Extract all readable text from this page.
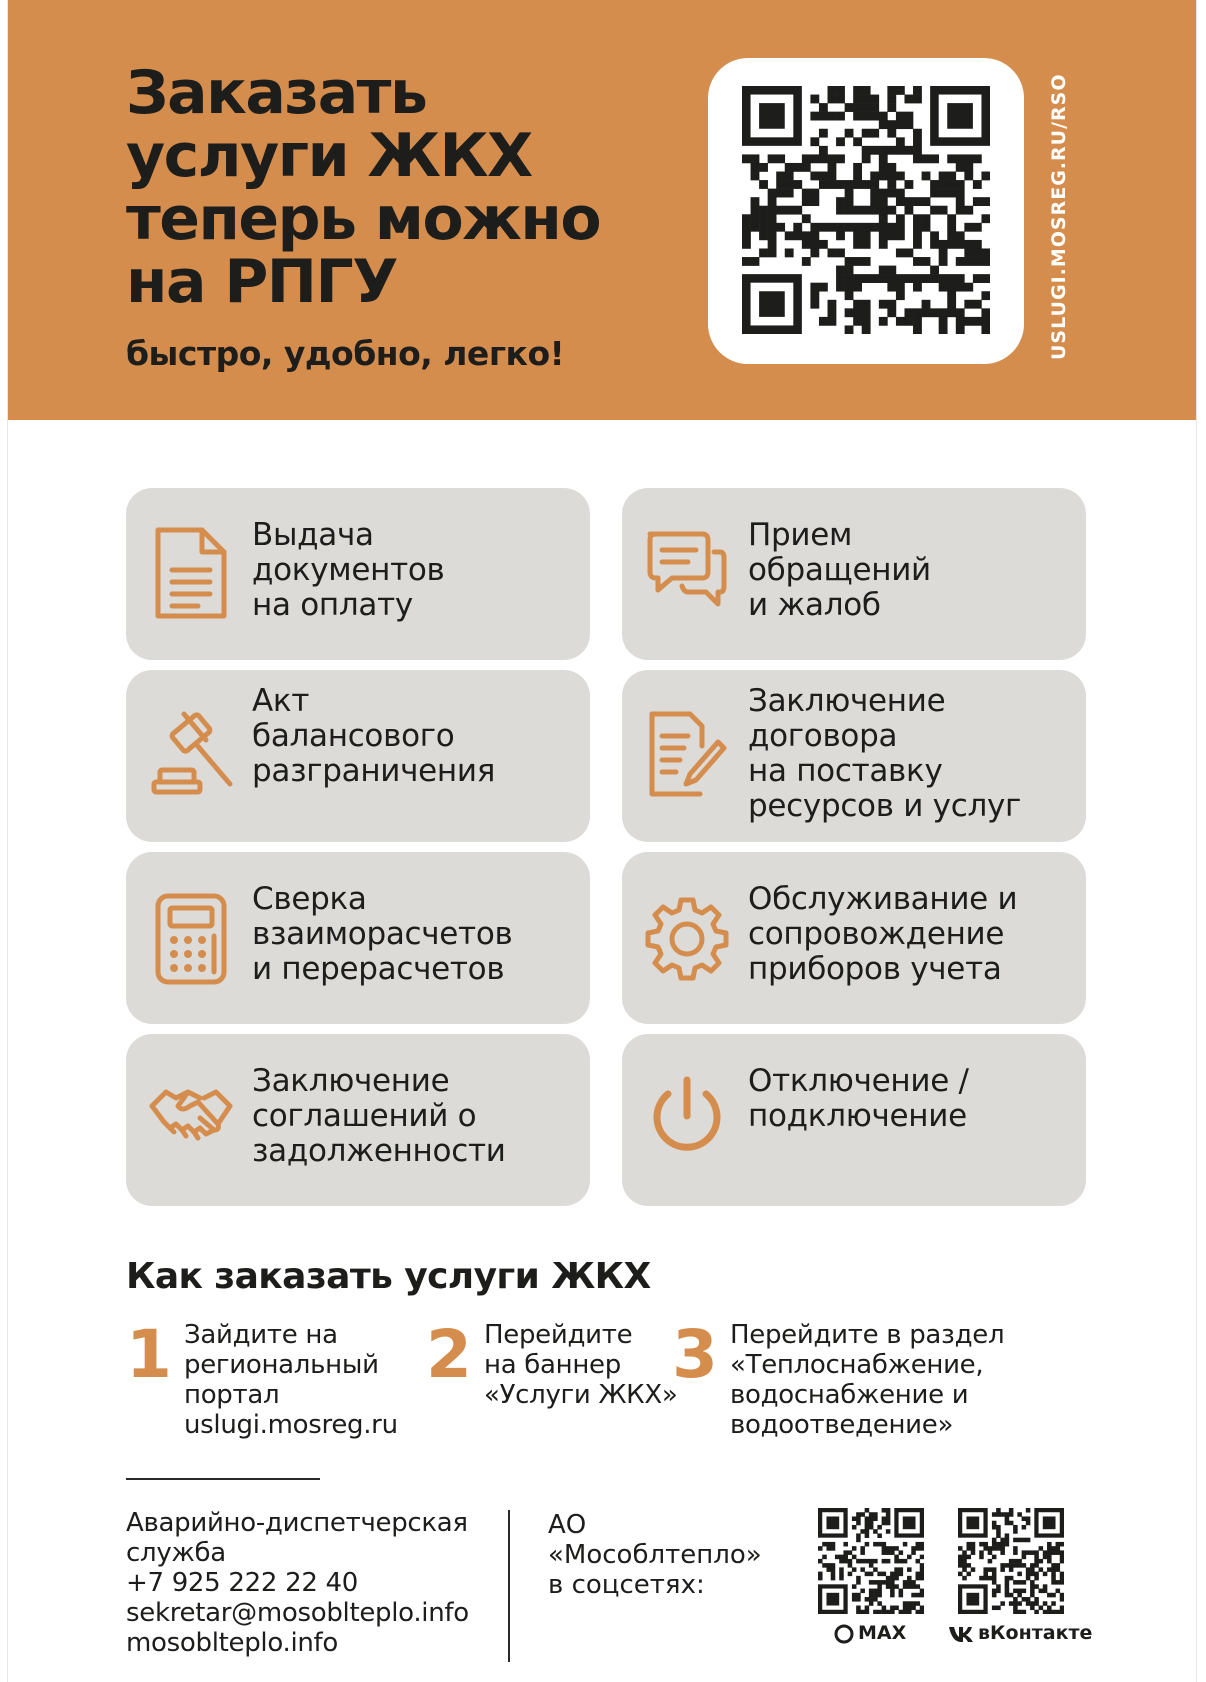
Заказать
услуги ЖКХ
теперь можно
на РПГУ
быстро, удобно, легко!	USLUGI.MOSREG.RU/RSO
Выдача
документов
на оплату
Прием
обращений
и жалоб
Акт
балансового
разграничения
Заключение
договора
на поставку
ресурсов и услуг
Сверка
взаиморасчетов
и перерасчетов
Обслуживание и
сопровождение
приборов учета
Заключение
соглашений о
задолженности
Отключение /
подключение
Как заказать услуги ЖКХ
1 Зайдите на
региональный
портал
uslugi.mosreg.ru
2 Перейдите
на баннер
«Услуги ЖКХ»
3 Перейдите в раздел
«Теплоснабжение,
водоснабжение и
водоотведение»
Аварийно-диспетчерская
служба
+7 925 222 22 40
sekretar@mosoblteplo.info
mosoblteplo.info
АО
«Мособлтепло»
в соцсетях:
MAX	вКонтакте
